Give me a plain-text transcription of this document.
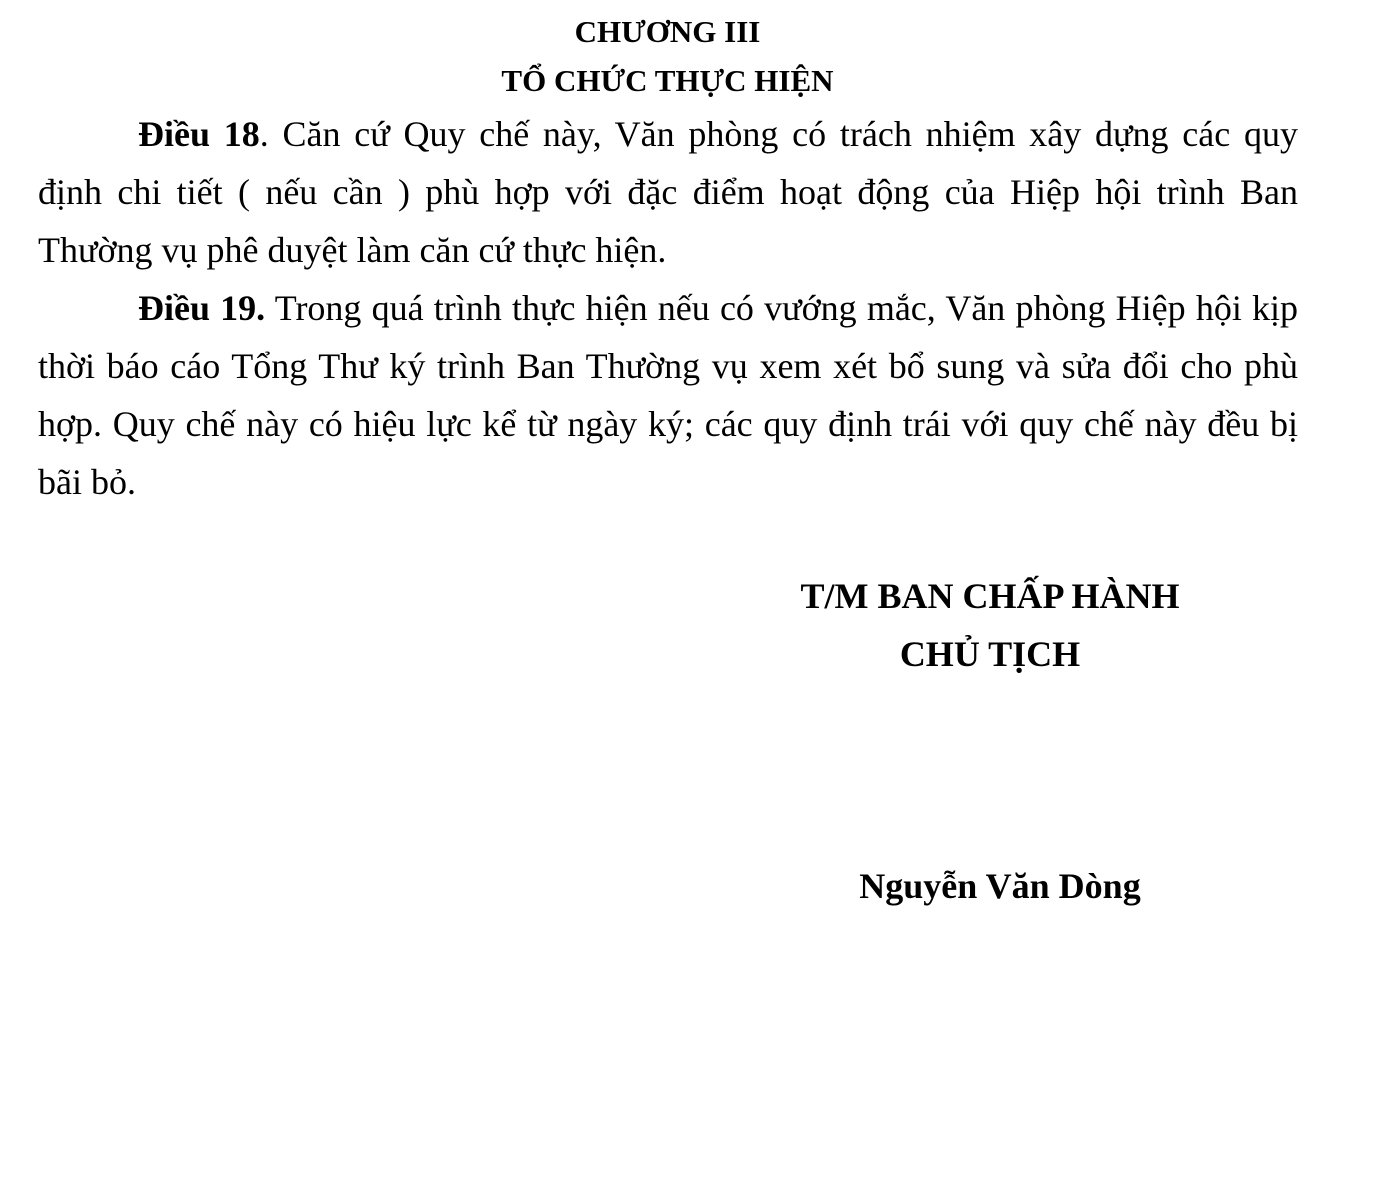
CHƯƠNG III
TỔ CHỨC THỰC HIỆN

Điều 18. Căn cứ Quy chế này, Văn phòng có trách nhiệm xây dựng các quy định chi tiết ( nếu cần ) phù hợp với đặc điểm hoạt động của Hiệp hội trình Ban Thường vụ phê duyệt làm căn cứ thực hiện.

Điều 19. Trong quá trình thực hiện nếu có vướng mắc, Văn phòng Hiệp hội kịp thời báo cáo Tổng Thư ký trình Ban Thường vụ xem xét bổ sung và sửa đổi cho phù hợp. Quy chế này có hiệu lực kể từ ngày ký; các quy định trái với quy chế này đều bị bãi bỏ.

T/M BAN CHẤP HÀNH
CHỦ TỊCH
Nguyễn Văn Dòng
